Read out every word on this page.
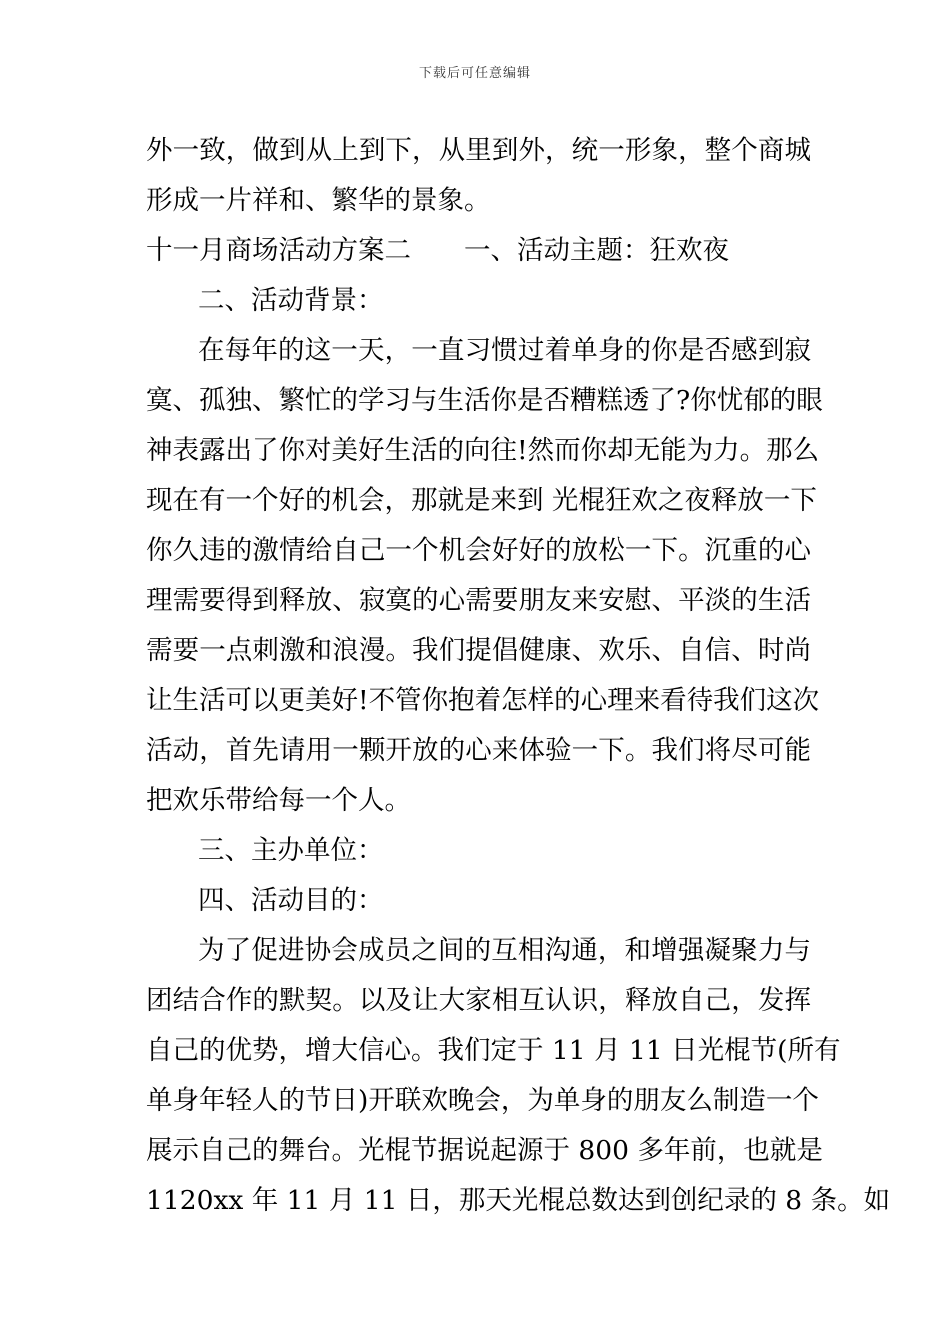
下载后可任意编辑
外一致，做到从上到下，从里到外，统一形象，整个商城
形成一片祥和、繁华的景象。
十一月商场活动方案二　　一、活动主题：狂欢夜
二、活动背景：
在每年的这一天，一直习惯过着单身的你是否感到寂
寞、孤独、繁忙的学习与生活你是否糟糕透了?你忧郁的眼
神表露出了你对美好生活的向往!然而你却无能为力。那么
现在有一个好的机会，那就是来到 光棍狂欢之夜释放一下
你久违的激情给自己一个机会好好的放松一下。沉重的心
理需要得到释放、寂寞的心需要朋友来安慰、平淡的生活
需要一点刺激和浪漫。我们提倡健康、欢乐、自信、时尚
让生活可以更美好!不管你抱着怎样的心理来看待我们这次
活动，首先请用一颗开放的心来体验一下。我们将尽可能
把欢乐带给每一个人。
三、主办单位：
四、活动目的：
为了促进协会成员之间的互相沟通，和增强凝聚力与
团结合作的默契。以及让大家相互认识，释放自己，发挥
自己的优势，增大信心。我们定于 11 月 11 日光棍节(所有
单身年轻人的节日)开联欢晚会，为单身的朋友么制造一个
展示自己的舞台。光棍节据说起源于 800 多年前，也就是
1120xx 年 11 月 11 日，那天光棍总数达到创纪录的 8 条。如
